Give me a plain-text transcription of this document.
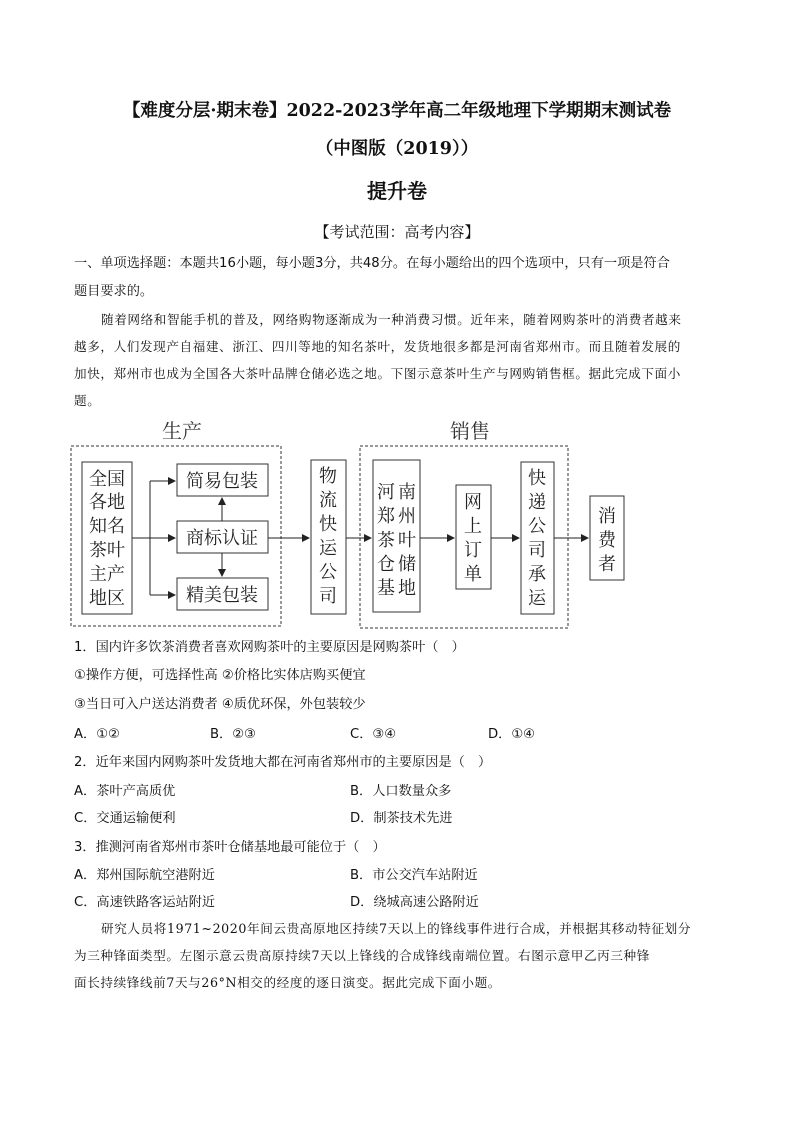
【难度分层·期末卷】2022-2023学年高二年级地理下学期期末测试卷
（中图版（2019））
提升卷
【考试范围：高考内容】
一、单项选择题：本题共16小题，每小题3分，共48分。在每小题给出的四个选项中，只有一项是符合
题目要求的。
随着网络和智能手机的普及，网络购物逐渐成为一种消费习惯。近年来，随着网购茶叶的消费者越来
越多，人们发现产自福建、浙江、四川等地的知名茶叶，发货地很多都是河南省郑州市。而且随着发展的
加快，郑州市也成为全国各大茶叶品牌仓储必选之地。下图示意茶叶生产与网购销售框。据此完成下面小
题。
生产	销售
全国
各地
知名
茶叶
主产
地区
简易包装
商标认证
精美包装
物
流
快
运
公
司
河
郑
茶
仓
基
南
州
叶
储
地
网
上
订
单
快
递
公
司
承
运
消
费
者
1．国内许多饮茶消费者喜欢网购茶叶的主要原因是网购茶叶（　）
①操作方便，可选择性高 ②价格比实体店购买便宜
③当日可入户送达消费者 ④质优环保，外包装较少
A．①②	B．②③	C．③④	D．①④
2．近年来国内网购茶叶发货地大都在河南省郑州市的主要原因是（　）
A．茶叶产高质优	B．人口数量众多
C．交通运输便利	D．制茶技术先进
3．推测河南省郑州市茶叶仓储基地最可能位于（　）
A．郑州国际航空港附近	B．市公交汽车站附近
C．高速铁路客运站附近	D．绕城高速公路附近
研究人员将1971~2020年间云贵高原地区持续7天以上的锋线事件进行合成，并根据其移动特征划分
为三种锋面类型。左图示意云贵高原持续7天以上锋线的合成锋线南端位置。右图示意甲乙丙三种锋
面长持续锋线前7天与26°N相交的经度的逐日演变。据此完成下面小题。
